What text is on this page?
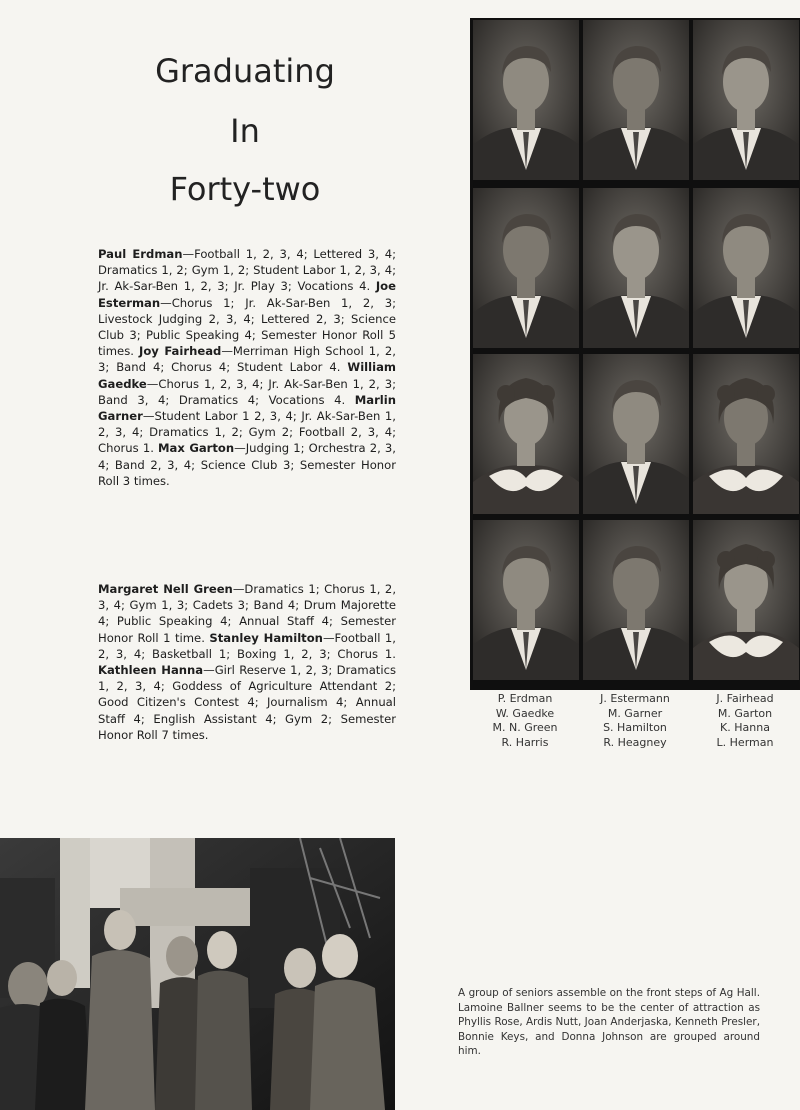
Graduating
In
Forty-two

Paul Erdman—Football 1, 2, 3, 4; Lettered 3, 4; Dramatics 1, 2; Gym 1, 2; Student Labor 1, 2, 3, 4; Jr. Ak-Sar-Ben 1, 2, 3; Jr. Play 3; Vocations 4. Joe Esterman—Chorus 1; Jr. Ak-Sar-Ben 1, 2, 3; Livestock Judging 2, 3, 4; Lettered 2, 3; Science Club 3; Public Speaking 4; Semester Honor Roll 5 times. Joy Fairhead—Merriman High School 1, 2, 3; Band 4; Chorus 4; Student Labor 4. William Gaedke—Chorus 1, 2, 3, 4; Jr. Ak-Sar-Ben 1, 2, 3; Band 3, 4; Dramatics 4; Vocations 4. Marlin Garner—Student Labor 1 2, 3, 4; Jr. Ak-Sar-Ben 1, 2, 3, 4; Dramatics 1, 2; Gym 2; Football 2, 3, 4; Chorus 1. Max Garton—Judging 1; Orchestra 2, 3, 4; Band 2, 3, 4; Science Club 3; Semester Honor Roll 3 times.

Margaret Nell Green—Dramatics 1; Chorus 1, 2, 3, 4; Gym 1, 3; Cadets 3; Band 4; Drum Majorette 4; Public Speaking 4; Annual Staff 4; Semester Honor Roll 1 time. Stanley Hamilton—Football 1, 2, 3, 4; Basketball 1; Boxing 1, 2, 3; Chorus 1. Kathleen Hanna—Girl Reserve 1, 2, 3; Dramatics 1, 2, 3, 4; Goddess of Agriculture Attendant 2; Good Citizen's Contest 4; Journalism 4; Annual Staff 4; English Assistant 4; Gym 2; Semester Honor Roll 7 times.

P. Erdman
W. Gaedke
M. N. Green
R. Harris
J. Estermann
M. Garner
S. Hamilton
R. Heagney
J. Fairhead
M. Garton
K. Hanna
L. Herman

A group of seniors assemble on the front steps of Ag Hall. Lamoine Ballner seems to be the center of attraction as Phyllis Rose, Ardis Nutt, Joan Anderjaska, Kenneth Presler, Bonnie Keys, and Donna Johnson are grouped around him.
